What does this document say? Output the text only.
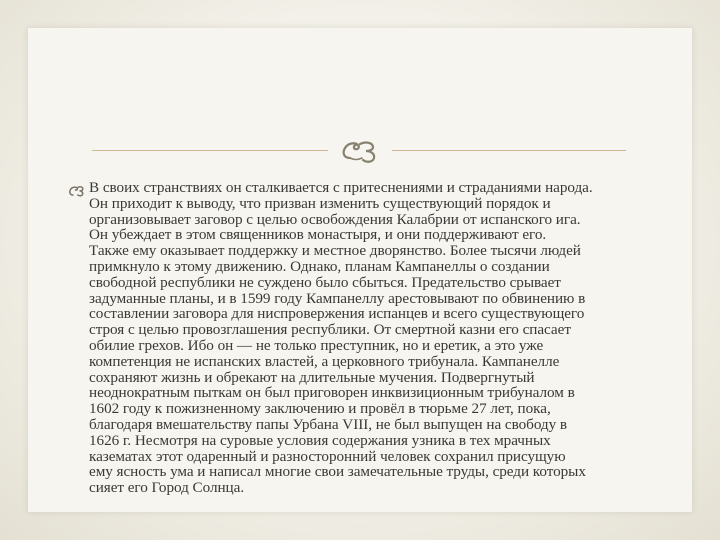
В своих странствиях он сталкивается с притеснениями и страданиями народа.
Он приходит к выводу, что призван изменить существующий порядок и
организовывает заговор с целью освобождения Калабрии от испанского ига.
Он убеждает в этом священников монастыря, и они поддерживают его.
Также ему оказывает поддержку и местное дворянство. Более тысячи людей
примкнуло к этому движению. Однако, планам Кампанеллы о создании
свободной республики не суждено было сбыться. Предательство срывает
задуманные планы, и в 1599 году Кампанеллу арестовывают по обвинению в
составлении заговора для ниспровержения испанцев и всего существующего
строя с целью провозглашения республики. От смертной казни его спасает
обилие грехов. Ибо он — не только преступник, но и еретик, а это уже
компетенция не испанских властей, а церковного трибунала. Кампанелле
сохраняют жизнь и обрекают на длительные мучения. Подвергнутый
неоднократным пыткам он был приговорен инквизиционным трибуналом в
1602 году к пожизненному заключению и провёл в тюрьме 27 лет, пока,
благодаря вмешательству папы Урбана VIII, не был выпущен на свободу в
1626 г. Несмотря на суровые условия содержания узника в тех мрачных
казематах этот одаренный и разносторонний человек сохранил присущую
ему ясность ума и написал многие свои замечательные труды, среди которых
сияет его Город Солнца.
